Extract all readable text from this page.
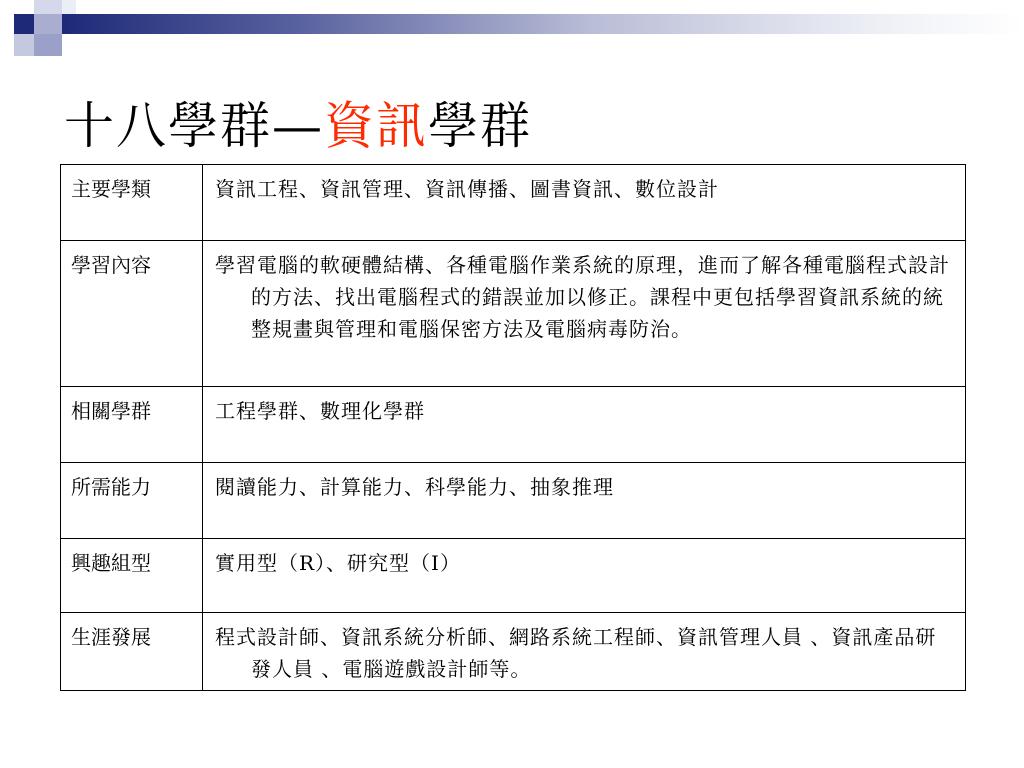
十八學群—資訊學群
主要學類	資訊工程、資訊管理、資訊傳播、圖書資訊、數位設計

學習內容	學習電腦的軟硬體結構、各種電腦作業系統的原理，進而了解各種電腦程式設計的方法、找出電腦程式的錯誤並加以修正。課程中更包括學習資訊系統的統整規畫與管理和電腦保密方法及電腦病毒防治。

相關學群	工程學群、數理化學群

所需能力	閱讀能力、計算能力、科學能力、抽象推理

興趣組型	實用型（R）、研究型（I）

生涯發展	程式設計師、資訊系統分析師、網路系統工程師、資訊管理人員 、資訊產品研發人員 、電腦遊戲設計師等。
